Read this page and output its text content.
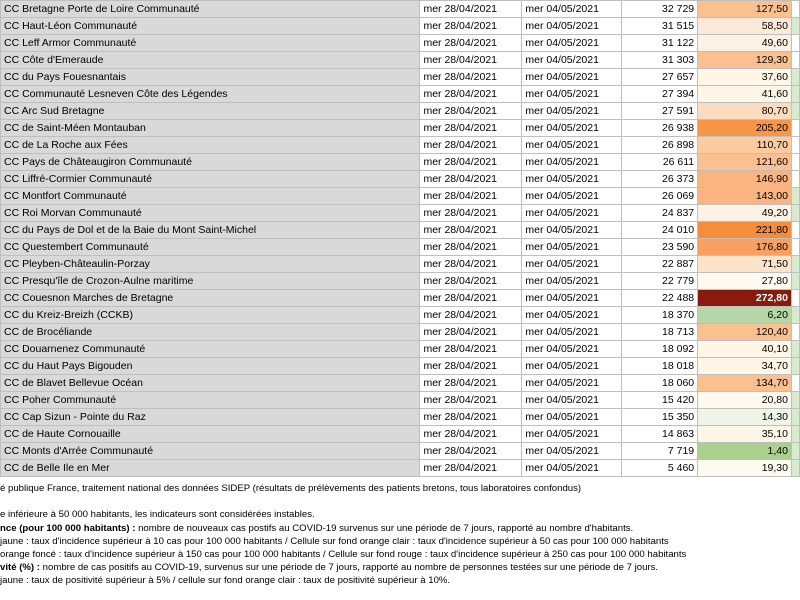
CC Bretagne Porte de Loire Communauté	mer 28/04/2021	mer 04/05/2021	32 729	127,50	
CC Haut-Léon Communauté	mer 28/04/2021	mer 04/05/2021	31 515	58,50	
CC Leff Armor Communauté	mer 28/04/2021	mer 04/05/2021	31 122	49,60	
CC Côte d'Emeraude	mer 28/04/2021	mer 04/05/2021	31 303	129,30	
CC du Pays Fouesnantais	mer 28/04/2021	mer 04/05/2021	27 657	37,60	
CC Communauté Lesneven Côte des Légendes	mer 28/04/2021	mer 04/05/2021	27 394	41,60	
CC Arc Sud Bretagne	mer 28/04/2021	mer 04/05/2021	27 591	80,70	
CC de Saint-Méen Montauban	mer 28/04/2021	mer 04/05/2021	26 938	205,20	
CC de La Roche aux Fées	mer 28/04/2021	mer 04/05/2021	26 898	110,70	
CC Pays de Châteaugiron Communauté	mer 28/04/2021	mer 04/05/2021	26 611	121,60	
CC Liffré-Cormier Communauté	mer 28/04/2021	mer 04/05/2021	26 373	146,90	
CC Montfort Communauté	mer 28/04/2021	mer 04/05/2021	26 069	143,00	
CC Roi Morvan Communauté	mer 28/04/2021	mer 04/05/2021	24 837	49,20	
CC du Pays de Dol et de la Baie du Mont Saint-Michel	mer 28/04/2021	mer 04/05/2021	24 010	221,80	
CC Questembert Communauté	mer 28/04/2021	mer 04/05/2021	23 590	176,80	
CC Pleyben-Châteaulin-Porzay	mer 28/04/2021	mer 04/05/2021	22 887	71,50	
CC Presqu'île de Crozon-Aulne maritime	mer 28/04/2021	mer 04/05/2021	22 779	27,80	
CC Couesnon Marches de Bretagne	mer 28/04/2021	mer 04/05/2021	22 488	272,80	
CC du Kreiz-Breizh (CCKB)	mer 28/04/2021	mer 04/05/2021	18 370	6,20	
CC de Brocéliande	mer 28/04/2021	mer 04/05/2021	18 713	120,40	
CC Douarnenez Communauté	mer 28/04/2021	mer 04/05/2021	18 092	40,10	
CC du Haut Pays Bigouden	mer 28/04/2021	mer 04/05/2021	18 018	34,70	
CC de Blavet Bellevue Océan	mer 28/04/2021	mer 04/05/2021	18 060	134,70	
CC Poher Communauté	mer 28/04/2021	mer 04/05/2021	15 420	20,80	
CC Cap Sizun - Pointe du Raz	mer 28/04/2021	mer 04/05/2021	15 350	14,30	
CC de Haute Cornouaille	mer 28/04/2021	mer 04/05/2021	14 863	35,10	
CC Monts d'Arrée Communauté	mer 28/04/2021	mer 04/05/2021	7 719	1,40	
CC de Belle Ile en Mer	mer 28/04/2021	mer 04/05/2021	5 460	19,30	
é publique France, traitement national des données SIDEP (résultats de prélèvements des patients bretons, tous laboratoires confondus)
e inférieure à 50 000 habitants, les indicateurs sont considérées instables.
nce (pour 100 000 habitants) : nombre de nouveaux cas postifs au COVID-19 survenus sur une période de 7 jours, rapporté au nombre d'habitants.
jaune : taux d'incidence supérieur à 10 cas pour 100 000 habitants / Cellule sur fond orange clair : taux d'incidence supérieur à 50 cas pour 100 000 habitants
orange foncé : taux d'incidence supérieur à 150 cas pour 100 000 habitants / Cellule sur fond rouge : taux d'incidence supérieur à 250 cas pour 100 000 habitants
vité (%) : nombre de cas positifs au COVID-19, survenus sur une période de 7 jours, rapporté au nombre de personnes testées sur une période de 7 jours.
jaune : taux de positivité supérieur à 5% / cellule sur fond orange clair : taux de positivité supérieur à 10%.
